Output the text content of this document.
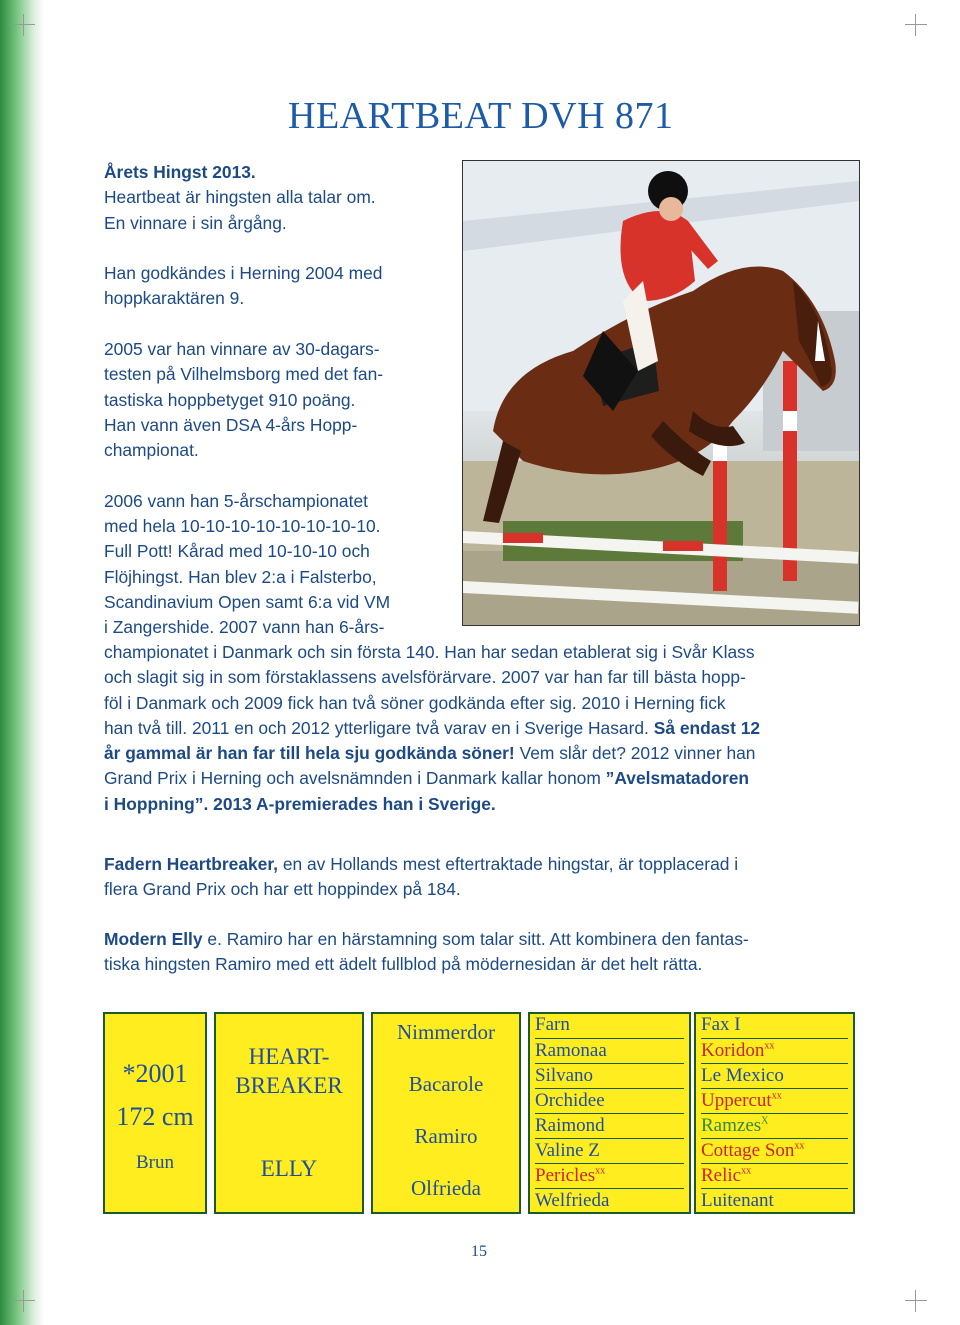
HEARTBEAT DVH 871
Årets Hingst 2013.
Heartbeat är hingsten alla talar om.
En vinnare i sin årgång.

Han godkändes i Herning 2004 med
hoppkaraktären 9.

2005 var han vinnare av 30-dagars-
testen på Vilhelmsborg med det fan-
tastiska hoppbetyget 910 poäng.
Han vann även DSA 4-års Hopp-
championat.

2006 vann han 5-årschampionatet
med hela 10-10-10-10-10-10-10-10.
Full Pott! Kårad med 10-10-10 och
Flöjhingst. Han blev 2:a i Falsterbo,
Scandinavium Open samt 6:a vid VM
i Zangershide. 2007 vann han 6-års-
championatet i Danmark och sin första 140. Han har sedan etablerat sig i Svår Klass
och slagit sig in som förstaklassens avelsförärvare. 2007 var han far till bästa hopp-
föl i Danmark och 2009 fick han två söner godkända efter sig. 2010 i Herning fick
han två till. 2011 en och 2012 ytterligare två varav en i Sverige Hasard. Så endast 12
år gammal är han far till hela sju godkända söner! Vem slår det? 2012 vinner han
Grand Prix i Herning och avelsnämnden i Danmark kallar honom ”Avelsmatadoren
i Hoppning”. 2013 A-premierades han i Sverige.
Fadern Heartbreaker, en av Hollands mest eftertraktade hingstar, är topplacerad i
flera Grand Prix och har ett hoppindex på 184.
Modern Elly e. Ramiro har en härstamning som talar sitt. Att kombinera den fantas-
tiska hingsten Ramiro med ett ädelt fullblod på mödernesidan är det helt rätta.
*2001
172 cm
Brun
HEART-
BREAKER
ELLY
Nimmerdor
Bacarole
Ramiro
Olfrieda
Farn
Ramonaa
Silvano
Orchidee
Raimond
Valine Z
Pericles$^{xx}$
Welfrieda
Fax I
Koridon$^{xx}$
Le Mexico
Uppercut$^{xx}$
Ramzes$^X$
Cottage Son$^{xx}$
Relic$^{xx}$
Luitenant
15
